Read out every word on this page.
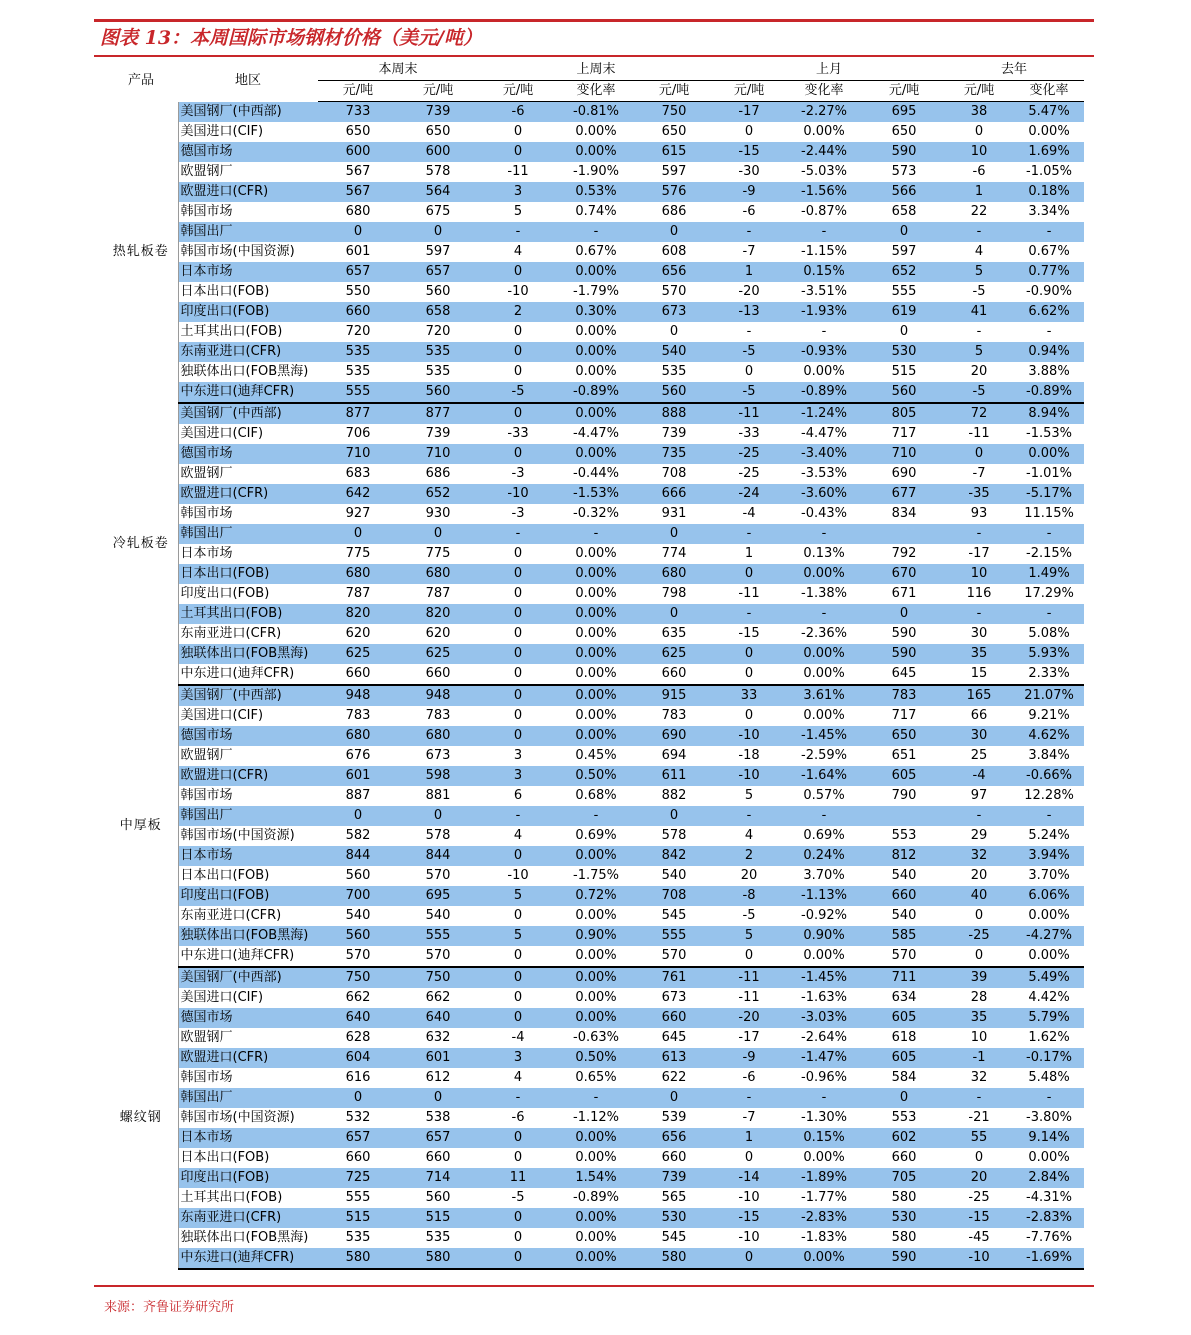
图表 13：本周国际市场钢材价格（美元/吨）
产品	地区	本周末		上周末			上月			去年		
		元/吨	元/吨	元/吨	变化率	元/吨	元/吨	变化率	元/吨	元/吨	变化率	
热轧板卷	美国钢厂(中西部)	733	739	-6	-0.81%	750	-17	-2.27%	695	38	5.47%	
	美国进口(CIF)	650	650	0	0.00%	650	0	0.00%	650	0	0.00%	
	德国市场	600	600	0	0.00%	615	-15	-2.44%	590	10	1.69%	
	欧盟钢厂	567	578	-11	-1.90%	597	-30	-5.03%	573	-6	-1.05%	
	欧盟进口(CFR)	567	564	3	0.53%	576	-9	-1.56%	566	1	0.18%	
	韩国市场	680	675	5	0.74%	686	-6	-0.87%	658	22	3.34%	
	韩国出厂	0	0	-	-	0	-	-	0	-	-	
	韩国市场(中国资源)	601	597	4	0.67%	608	-7	-1.15%	597	4	0.67%	
	日本市场	657	657	0	0.00%	656	1	0.15%	652	5	0.77%	
	日本出口(FOB)	550	560	-10	-1.79%	570	-20	-3.51%	555	-5	-0.90%	
	印度出口(FOB)	660	658	2	0.30%	673	-13	-1.93%	619	41	6.62%	
	土耳其出口(FOB)	720	720	0	0.00%	0	-	-	0	-	-	
	东南亚进口(CFR)	535	535	0	0.00%	540	-5	-0.93%	530	5	0.94%	
	独联体出口(FOB黑海)	535	535	0	0.00%	535	0	0.00%	515	20	3.88%	
	中东进口(迪拜CFR)	555	560	-5	-0.89%	560	-5	-0.89%	560	-5	-0.89%	
冷轧板卷	美国钢厂(中西部)	877	877	0	0.00%	888	-11	-1.24%	805	72	8.94%	
	美国进口(CIF)	706	739	-33	-4.47%	739	-33	-4.47%	717	-11	-1.53%	
	德国市场	710	710	0	0.00%	735	-25	-3.40%	710	0	0.00%	
	欧盟钢厂	683	686	-3	-0.44%	708	-25	-3.53%	690	-7	-1.01%	
	欧盟进口(CFR)	642	652	-10	-1.53%	666	-24	-3.60%	677	-35	-5.17%	
	韩国市场	927	930	-3	-0.32%	931	-4	-0.43%	834	93	11.15%	
	韩国出厂	0	0	-	-	0	-	-		-	-	
	日本市场	775	775	0	0.00%	774	1	0.13%	792	-17	-2.15%	
	日本出口(FOB)	680	680	0	0.00%	680	0	0.00%	670	10	1.49%	
	印度出口(FOB)	787	787	0	0.00%	798	-11	-1.38%	671	116	17.29%	
	土耳其出口(FOB)	820	820	0	0.00%	0	-	-	0	-	-	
	东南亚进口(CFR)	620	620	0	0.00%	635	-15	-2.36%	590	30	5.08%	
	独联体出口(FOB黑海)	625	625	0	0.00%	625	0	0.00%	590	35	5.93%	
	中东进口(迪拜CFR)	660	660	0	0.00%	660	0	0.00%	645	15	2.33%	
中厚板	美国钢厂(中西部)	948	948	0	0.00%	915	33	3.61%	783	165	21.07%	
	美国进口(CIF)	783	783	0	0.00%	783	0	0.00%	717	66	9.21%	
	德国市场	680	680	0	0.00%	690	-10	-1.45%	650	30	4.62%	
	欧盟钢厂	676	673	3	0.45%	694	-18	-2.59%	651	25	3.84%	
	欧盟进口(CFR)	601	598	3	0.50%	611	-10	-1.64%	605	-4	-0.66%	
	韩国市场	887	881	6	0.68%	882	5	0.57%	790	97	12.28%	
	韩国出厂	0	0	-	-	0	-	-		-	-	
	韩国市场(中国资源)	582	578	4	0.69%	578	4	0.69%	553	29	5.24%	
	日本市场	844	844	0	0.00%	842	2	0.24%	812	32	3.94%	
	日本出口(FOB)	560	570	-10	-1.75%	540	20	3.70%	540	20	3.70%	
	印度出口(FOB)	700	695	5	0.72%	708	-8	-1.13%	660	40	6.06%	
	东南亚进口(CFR)	540	540	0	0.00%	545	-5	-0.92%	540	0	0.00%	
	独联体出口(FOB黑海)	560	555	5	0.90%	555	5	0.90%	585	-25	-4.27%	
	中东进口(迪拜CFR)	570	570	0	0.00%	570	0	0.00%	570	0	0.00%	
螺纹钢	美国钢厂(中西部)	750	750	0	0.00%	761	-11	-1.45%	711	39	5.49%	
	美国进口(CIF)	662	662	0	0.00%	673	-11	-1.63%	634	28	4.42%	
	德国市场	640	640	0	0.00%	660	-20	-3.03%	605	35	5.79%	
	欧盟钢厂	628	632	-4	-0.63%	645	-17	-2.64%	618	10	1.62%	
	欧盟进口(CFR)	604	601	3	0.50%	613	-9	-1.47%	605	-1	-0.17%	
	韩国市场	616	612	4	0.65%	622	-6	-0.96%	584	32	5.48%	
	韩国出厂	0	0	-	-	0	-	-	0	-	-	
	韩国市场(中国资源)	532	538	-6	-1.12%	539	-7	-1.30%	553	-21	-3.80%	
	日本市场	657	657	0	0.00%	656	1	0.15%	602	55	9.14%	
	日本出口(FOB)	660	660	0	0.00%	660	0	0.00%	660	0	0.00%	
	印度出口(FOB)	725	714	11	1.54%	739	-14	-1.89%	705	20	2.84%	
	土耳其出口(FOB)	555	560	-5	-0.89%	565	-10	-1.77%	580	-25	-4.31%	
	东南亚进口(CFR)	515	515	0	0.00%	530	-15	-2.83%	530	-15	-2.83%	
	独联体出口(FOB黑海)	535	535	0	0.00%	545	-10	-1.83%	580	-45	-7.76%	
	中东进口(迪拜CFR)	580	580	0	0.00%	580	0	0.00%	590	-10	-1.69%	
来源：齐鲁证券研究所
